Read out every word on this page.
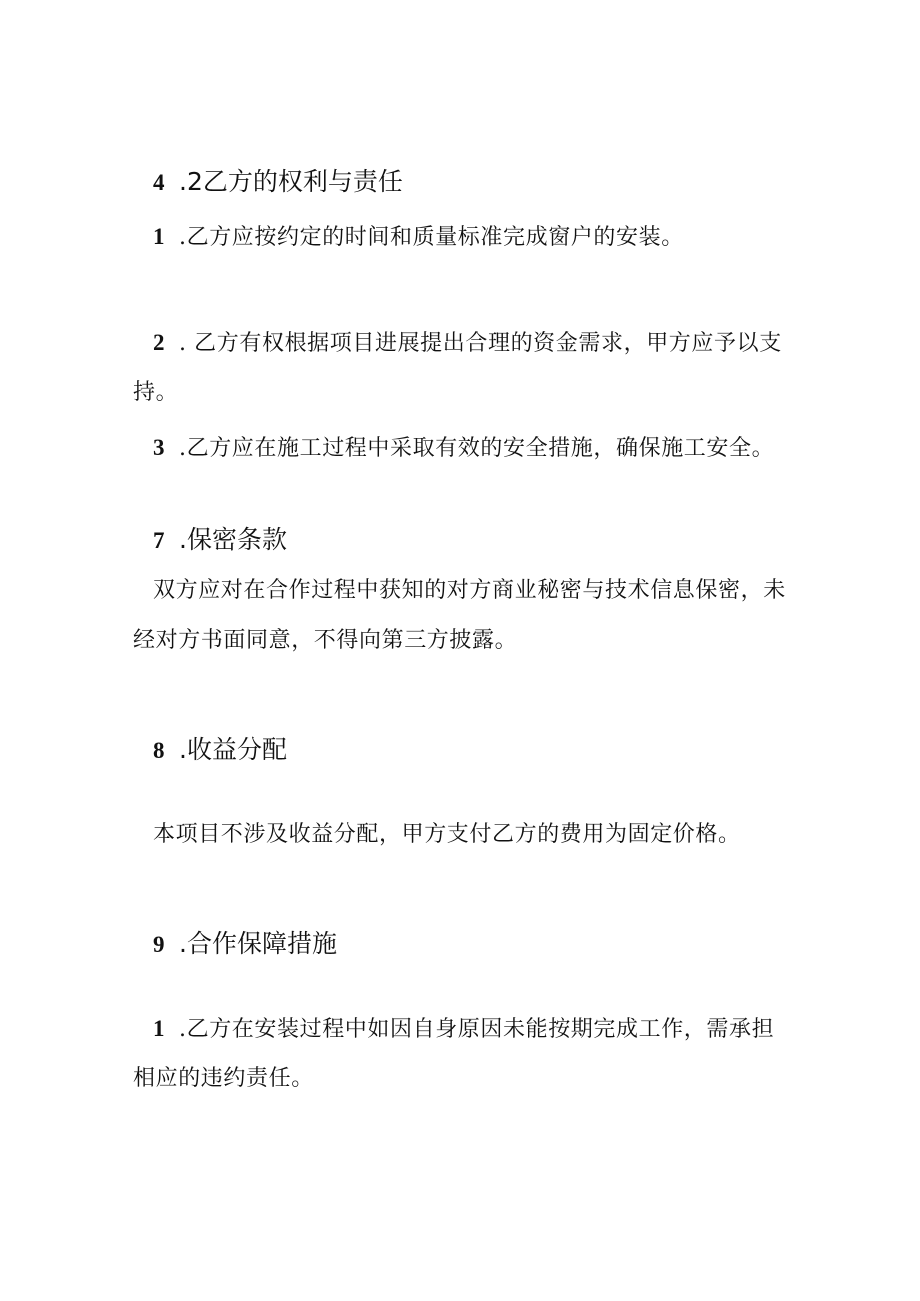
4 .2乙方的权利与责任
1 .乙方应按约定的时间和质量标准完成窗户的安装。
2 . 乙方有权根据项目进展提出合理的资金需求，甲方应予以支
持。
3 .乙方应在施工过程中采取有效的安全措施，确保施工安全。
7 .保密条款
双方应对在合作过程中获知的对方商业秘密与技术信息保密，未
经对方书面同意，不得向第三方披露。
8 .收益分配
本项目不涉及收益分配，甲方支付乙方的费用为固定价格。
9 .合作保障措施
1 .乙方在安装过程中如因自身原因未能按期完成工作，需承担
相应的违约责任。
